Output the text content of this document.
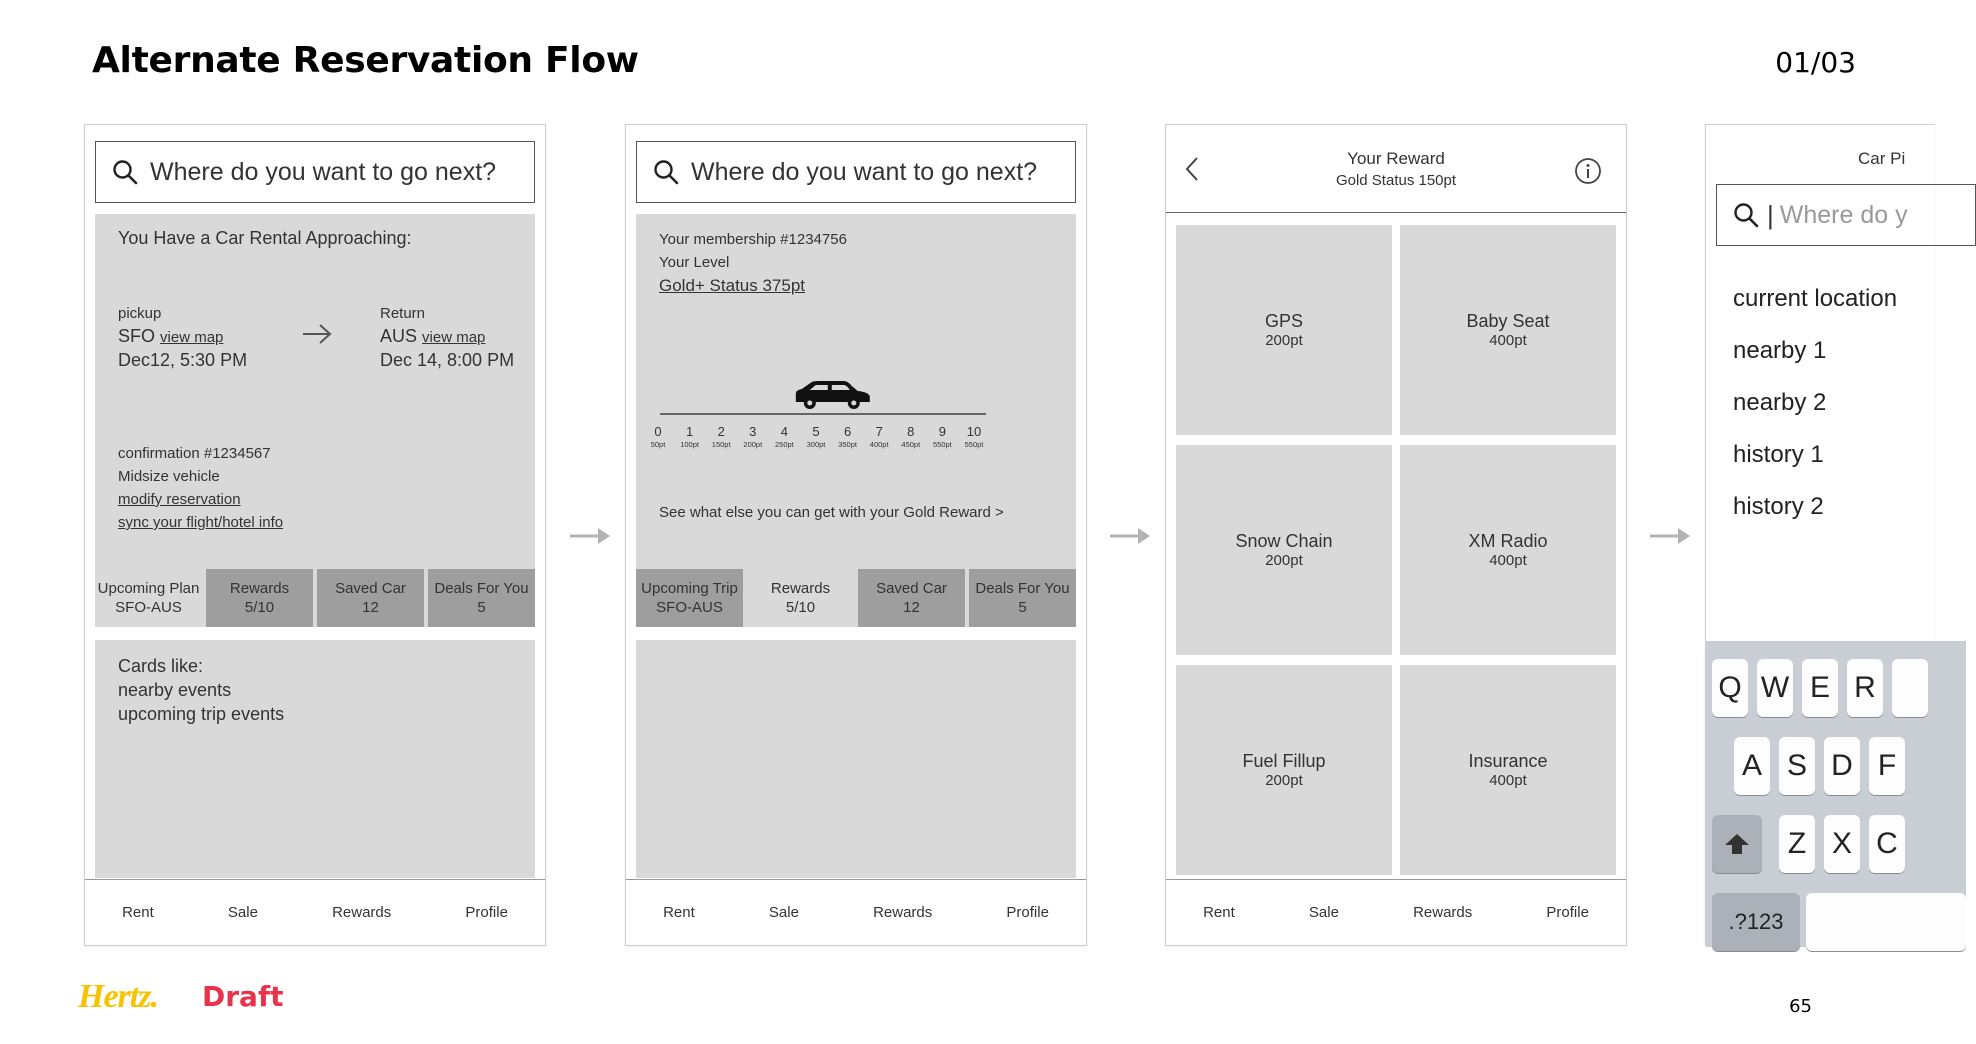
Alternate Reservation Flow	01/03
Where do you want to go next?
You Have a Car Rental Approaching:
pickup
SFO view map
Dec12, 5:30 PM
Return
AUS view map
Dec 14, 8:00 PM
confirmation #1234567
Midsize vehicle
modify reservation
sync your flight/hotel info
Upcoming Plan
SFO-AUS
Rewards
5/10
Saved Car
12
Deals For You
5
Cards like:
nearby events
upcoming trip events
Rent	Sale	Rewards	Profile
Where do you want to go next?
Your membership #1234756
Your Level
Gold+ Status 375pt
0
50pt
1
100pt
2
150pt
3
200pt
4
250pt
5
300pt
6
350pt
7
400pt
8
450pt
9
550pt
10
550pt
See what else you can get with your Gold Reward >
Upcoming Trip
SFO-AUS
Rewards
5/10
Saved Car
12
Deals For You
5
Rent	Sale	Rewards	Profile
Your Reward
Gold Status 150pt
GPS
200pt
Baby Seat
400pt
Snow Chain
200pt
XM Radio
400pt
Fuel Fillup
200pt
Insurance
400pt
Rent	Sale	Rewards	Profile
Car Pi
| Where do y
current location
nearby 1
nearby 2
history 1
history 2
Q W E R
A S D F
Z X C
.?123
Hertz. Draft	65
